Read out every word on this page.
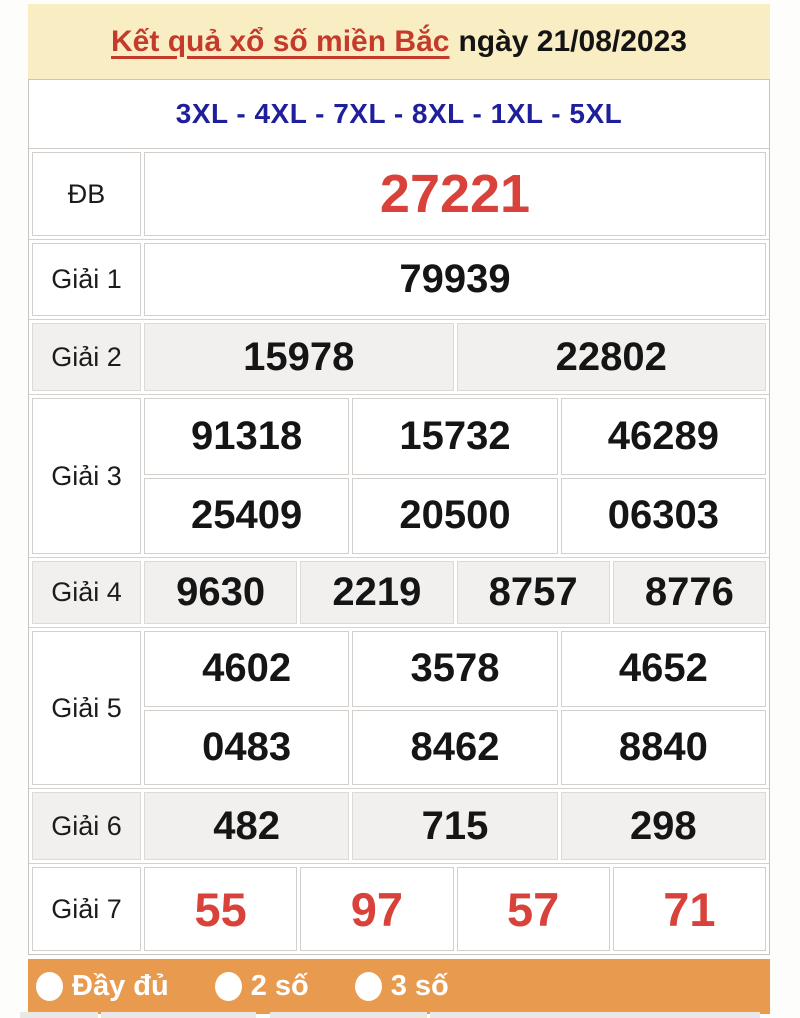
Kết quả xổ số miền Bắc ngày 21/08/2023
3XL - 4XL - 7XL - 8XL - 1XL - 5XL
ĐB	27221
Giải 1	79939
Giải 2	15978	22802
Giải 3
91318	15732	46289
25409	20500	06303
Giải 4	9630	2219	8757	8776
Giải 5
4602	3578	4652
0483	8462	8840
Giải 6	482	715	298
Giải 7	55	97	57	71
Đầy đủ	2 số	3 số
